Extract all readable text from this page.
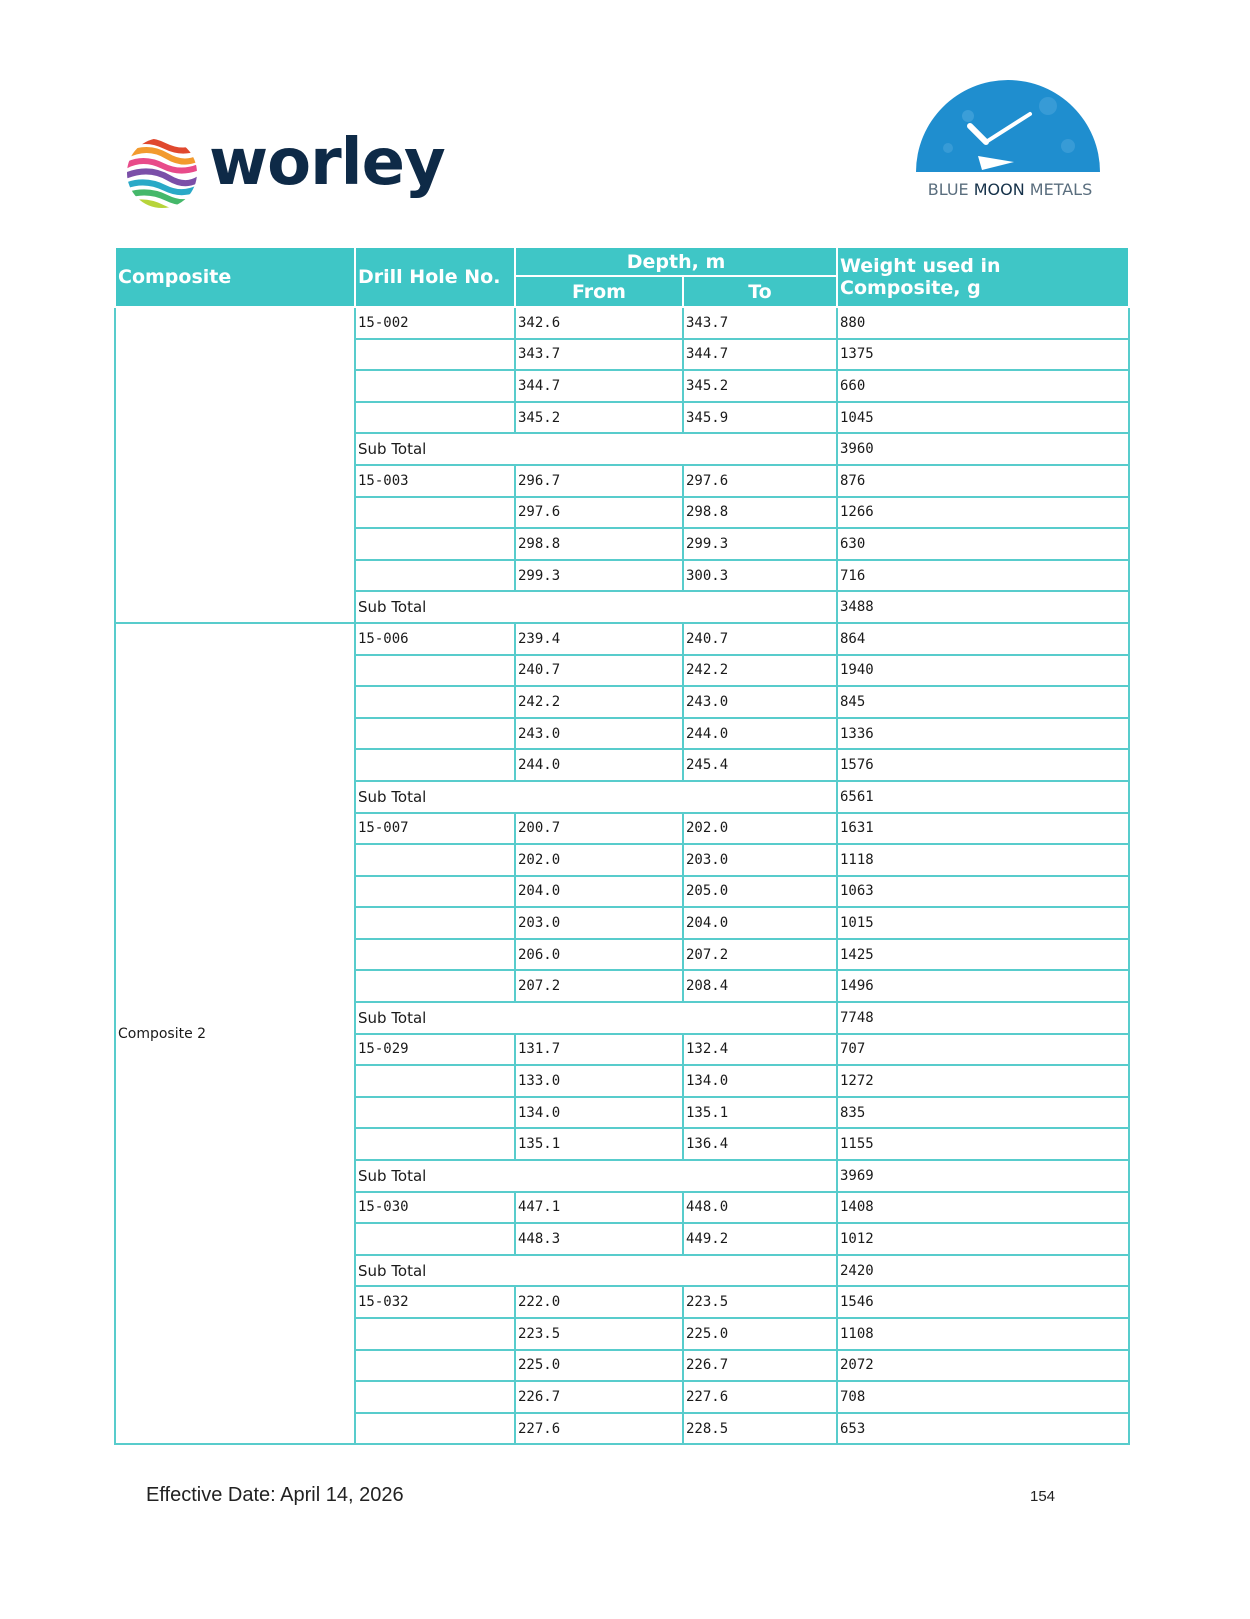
worley	BLUE MOON METALS
Composite	Drill Hole No.	Depth, m		Weight used in Composite, g
		From	To	
	15-002	342.6	343.7	880
		343.7	344.7	1375
		344.7	345.2	660
		345.2	345.9	1045
	Sub Total			3960
	15-003	296.7	297.6	876
		297.6	298.8	1266
		298.8	299.3	630
		299.3	300.3	716
	Sub Total			3488
Composite 2	15-006	239.4	240.7	864
		240.7	242.2	1940
		242.2	243.0	845
		243.0	244.0	1336
		244.0	245.4	1576
	Sub Total			6561
	15-007	200.7	202.0	1631
		202.0	203.0	1118
		204.0	205.0	1063
		203.0	204.0	1015
		206.0	207.2	1425
		207.2	208.4	1496
	Sub Total			7748
	15-029	131.7	132.4	707
		133.0	134.0	1272
		134.0	135.1	835
		135.1	136.4	1155
	Sub Total			3969
	15-030	447.1	448.0	1408
		448.3	449.2	1012
	Sub Total			2420
	15-032	222.0	223.5	1546
		223.5	225.0	1108
		225.0	226.7	2072
		226.7	227.6	708
		227.6	228.5	653
Effective Date: April 14, 2026	154
